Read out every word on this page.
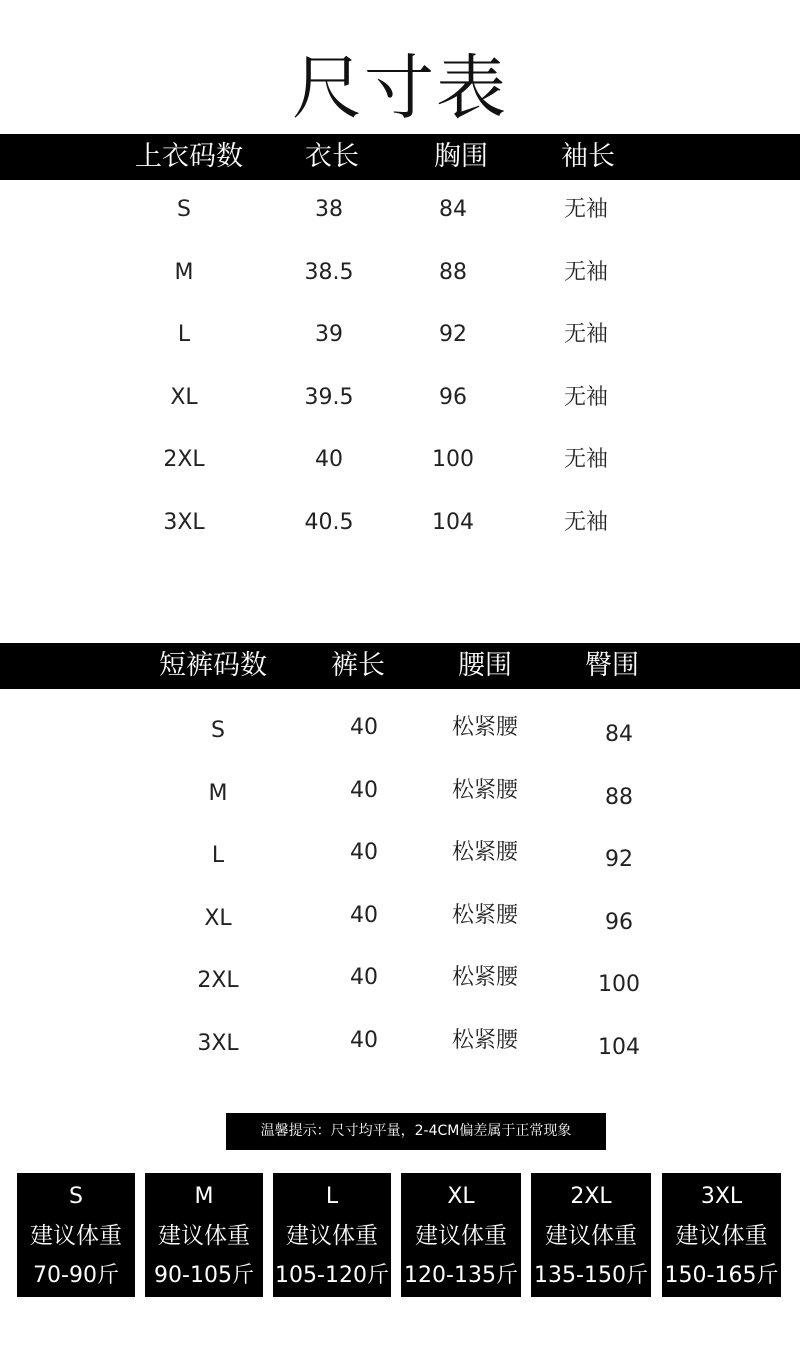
尺寸表
上衣码数 衣长	胸围	袖长
S	38	84	无袖
M	38.5	88	无袖
L	39	92	无袖
XL	39.5	96	无袖
2XL	40	100	无袖
3XL	40.5	104	无袖
短裤码数 裤长	腰围	臀围
S	40	松紧腰	84
M	40	松紧腰	88
L	40	松紧腰	92
XL	40	松紧腰	96
2XL	40	松紧腰	100
3XL	40	松紧腰	104
温馨提示：尺寸均平量，2-4CM偏差属于正常现象
S
建议体重
70-90斤
M
建议体重
90-105斤
L
建议体重
105-120斤
XL
建议体重
120-135斤
2XL
建议体重
135-150斤
3XL
建议体重
150-165斤
